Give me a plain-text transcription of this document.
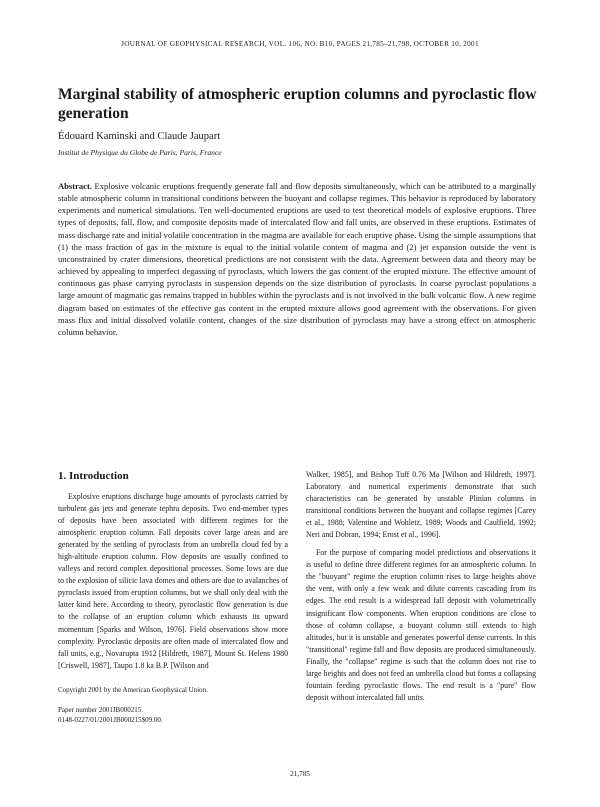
JOURNAL OF GEOPHYSICAL RESEARCH, VOL. 106, NO. B10, PAGES 21,785–21,798, OCTOBER 10, 2001
Marginal stability of atmospheric eruption columns and pyroclastic flow generation
Édouard Kaminski and Claude Jaupart
Institut de Physique du Globe de Paris, Paris, France

Abstract. Explosive volcanic eruptions frequently generate fall and flow deposits simultaneously, which can be attributed to a marginally stable atmospheric column in transitional conditions between the buoyant and collapse regimes. This behavior is reproduced by laboratory experiments and numerical simulations. Ten well-documented eruptions are used to test theoretical models of explosive eruptions. Three types of deposits, fall, flow, and composite deposits made of intercalated flow and fall units, are observed in these eruptions. Estimates of mass discharge rate and initial volatile concentration in the magma are available for each eruptive phase. Using the simple assumptions that (1) the mass fraction of gas in the mixture is equal to the initial volatile content of magma and (2) jet expansion outside the vent is unconstrained by crater dimensions, theoretical predictions are not consistent with the data. Agreement between data and theory may be achieved by appealing to imperfect degassing of pyroclasts, which lowers the gas content of the erupted mixture. The effective amount of continuous gas phase carrying pyroclasts in suspension depends on the size distribution of pyroclasts. In coarse pyroclast populations a large amount of magmatic gas remains trapped in bubbles within the pyroclasts and is not involved in the bulk volcanic flow. A new regime diagram based on estimates of the effective gas content in the erupted mixture allows good agreement with the observations. For given mass flux and initial dissolved volatile content, changes of the size distribution of pyroclasts may have a strong effect on atmospheric column behavior.

1. Introduction

Explosive eruptions discharge huge amounts of pyroclasts carried by turbulent gas jets and generate tephra deposits. Two end-member types of deposits have been associated with different regimes for the atmospheric eruption column. Fall deposits cover large areas and are generated by the settling of pyroclasts from an umbrella cloud fed by a high-altitude eruption column. Flow deposits are usually confined to valleys and record complex depositional processes. Some lows are due to the explosion of silicic lava domes and others are due to avalanches of pyroclasts issued from eruption columns, but we shall only deal with the latter kind here. According to theory, pyroclastic flow generation is due to the collapse of an eruption column which exhausts its upward momentum [Sparks and Wilson, 1976]. Field observations show more complexity. Pyroclastic deposits are often made of intercalated flow and fall units, e.g., Novarupta 1912 [Hildreth, 1987], Mount St. Helens 1980 [Criswell, 1987], Taupo 1.8 ka B.P. [Wilson and

Walker, 1985], and Bishop Tuff 0.76 Ma [Wilson and Hildreth, 1997]. Laboratory and numerical experiments demonstrate that such characteristics can be generated by unstable Plinian columns in transitional conditions between the buoyant and collapse regimes [Carey et al., 1988; Valentine and Wohletz, 1989; Woods and Caulfield, 1992; Neri and Dobran, 1994; Ernst et al., 1996].

For the purpose of comparing model predictions and observations it is useful to define three different regimes for an atmospheric column. In the "buoyant" regime the eruption column rises to large heights above the vent, with only a few weak and dilute currents cascading from its edges. The end result is a widespread fall deposit with volumetrically insignificant flow components. When eruption conditions are close to those of column collapse, a buoyant column still extends to high altitudes, but it is unstable and generates powerful dense currents. In this "transitional" regime fall and flow deposits are produced simultaneously. Finally, the "collapse" regime is such that the column does not rise to large heights and does not feed an umbrella cloud but forms a collapsing fountain feeding pyroclastic flows. The end result is a "pure" flow deposit without intercalated fall units.

Copyright 2001 by the American Geophysical Union.
Paper number 2001JB000215.
0148-0227/01/2001JB000215$09.00.
21,785
